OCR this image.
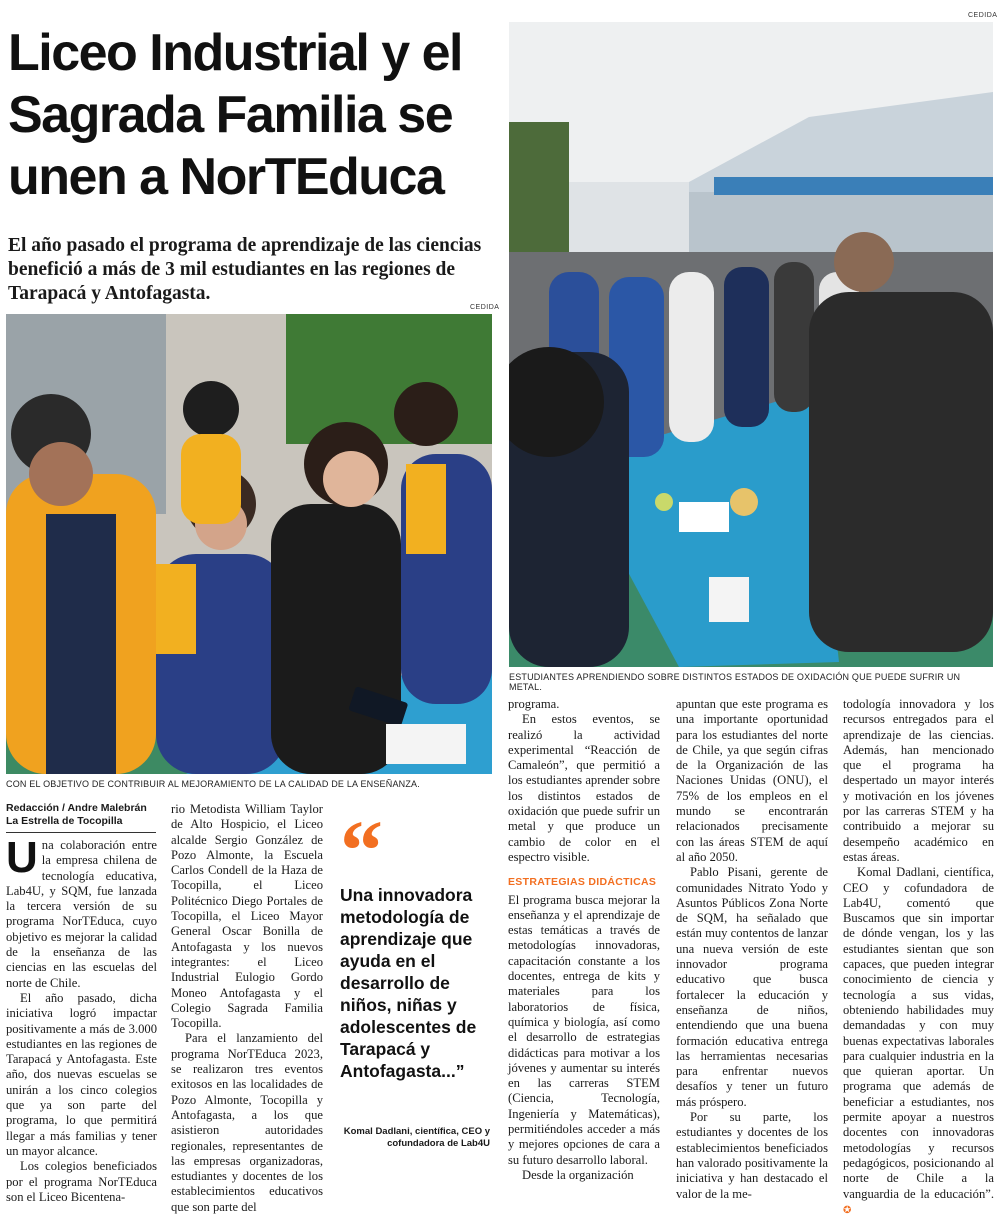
Liceo Industrial y el
Sagrada Familia se
unen a NorTEduca
El año pasado el programa de aprendizaje de las ciencias benefició a más de 3 mil estudiantes en las regiones de Tarapacá y Antofagasta.
CEDIDA
ESTUDIANTES APRENDIENDO SOBRE DISTINTOS ESTADOS DE OXIDACIÓN QUE PUEDE SUFRIR UN METAL.
CEDIDA
CON EL OBJETIVO DE CONTRIBUIR AL MEJORAMIENTO DE LA CALIDAD DE LA ENSEÑANZA.
Redacción / Andre Malebrán
La Estrella de Tocopilla

Una colaboración entre la empresa chilena de tecnología educativa, Lab4U, y SQM, fue lanzada la tercera versión de su programa NorTEduca, cuyo objetivo es mejorar la calidad de la enseñanza de las ciencias en las escuelas del norte de Chile.

El año pasado, dicha iniciativa logró impactar positivamente a más de 3.000 estudiantes en las regiones de Tarapacá y Antofagasta. Este año, dos nuevas escuelas se unirán a los cinco colegios que ya son parte del programa, lo que permitirá llegar a más familias y tener un mayor alcance.

Los colegios beneficiados por el programa NorTEduca son el Liceo Bicentena-

rio Metodista William Taylor de Alto Hospicio, el Liceo alcalde Sergio González de Pozo Almonte, la Escuela Carlos Condell de la Haza de Tocopilla, el Liceo Politécnico Diego Portales de Tocopilla, el Liceo Mayor General Oscar Bonilla de Antofagasta y los nuevos integrantes: el Liceo Industrial Eulogio Gordo Moneo Antofagasta y el Colegio Sagrada Familia Tocopilla.

Para el lanzamiento del programa NorTEduca 2023, se realizaron tres eventos exitosos en las localidades de Pozo Almonte, Tocopilla y Antofagasta, a los que asistieron autoridades regionales, representantes de las empresas organizadoras, estudiantes y docentes de los establecimientos educativos que son parte del

“
Una innovadora metodología de aprendizaje que ayuda en el desarrollo de niños, niñas y adolescentes de Tarapacá y Antofagasta...”
Komal Dadlani, científica, CEO y cofundadora de Lab4U

programa.

En estos eventos, se realizó la actividad experimental “Reacción de Camaleón”, que permitió a los estudiantes aprender sobre los distintos estados de oxidación que puede sufrir un metal y que produce un cambio de color en el espectro visible.

ESTRATEGIAS DIDÁCTICAS

El programa busca mejorar la enseñanza y el aprendizaje de estas temáticas a través de metodologías innovadoras, capacitación constante a los docentes, entrega de kits y materiales para los laboratorios de física, química y biología, así como el desarrollo de estrategias didácticas para motivar a los jóvenes y aumentar su interés en las carreras STEM (Ciencia, Tecnología, Ingeniería y Matemáticas), permitiéndoles acceder a más y mejores opciones de cara a su futuro desarrollo laboral.

Desde la organización

apuntan que este programa es una importante oportunidad para los estudiantes del norte de Chile, ya que según cifras de la Organización de las Naciones Unidas (ONU), el 75% de los empleos en el mundo se encontrarán relacionados precisamente con las áreas STEM de aquí al año 2050.

Pablo Pisani, gerente de comunidades Nitrato Yodo y Asuntos Públicos Zona Norte de SQM, ha señalado que están muy contentos de lanzar una nueva versión de este innovador programa educativo que busca fortalecer la educación y enseñanza de niños, entendiendo que una buena formación educativa entrega las herramientas necesarias para enfrentar nuevos desafíos y tener un futuro más próspero.

Por su parte, los estudiantes y docentes de los establecimientos beneficiados han valorado positivamente la iniciativa y han destacado el valor de la me-

todología innovadora y los recursos entregados para el aprendizaje de las ciencias. Además, han mencionado que el programa ha despertado un mayor interés y motivación en los jóvenes por las carreras STEM y ha contribuido a mejorar su desempeño académico en estas áreas.

Komal Dadlani, científica, CEO y cofundadora de Lab4U, comentó que Buscamos que sin importar de dónde vengan, los y las estudiantes sientan que son capaces, que pueden integrar conocimiento de ciencia y tecnología a sus vidas, obteniendo habilidades muy demandadas y con muy buenas expectativas laborales para cualquier industria en la que quieran aportar. Un programa que además de beneficiar a estudiantes, nos permite apoyar a nuestros docentes con innovadoras metodologías y recursos pedagógicos, posicionando al norte de Chile a la vanguardia de la educación”. ✪
